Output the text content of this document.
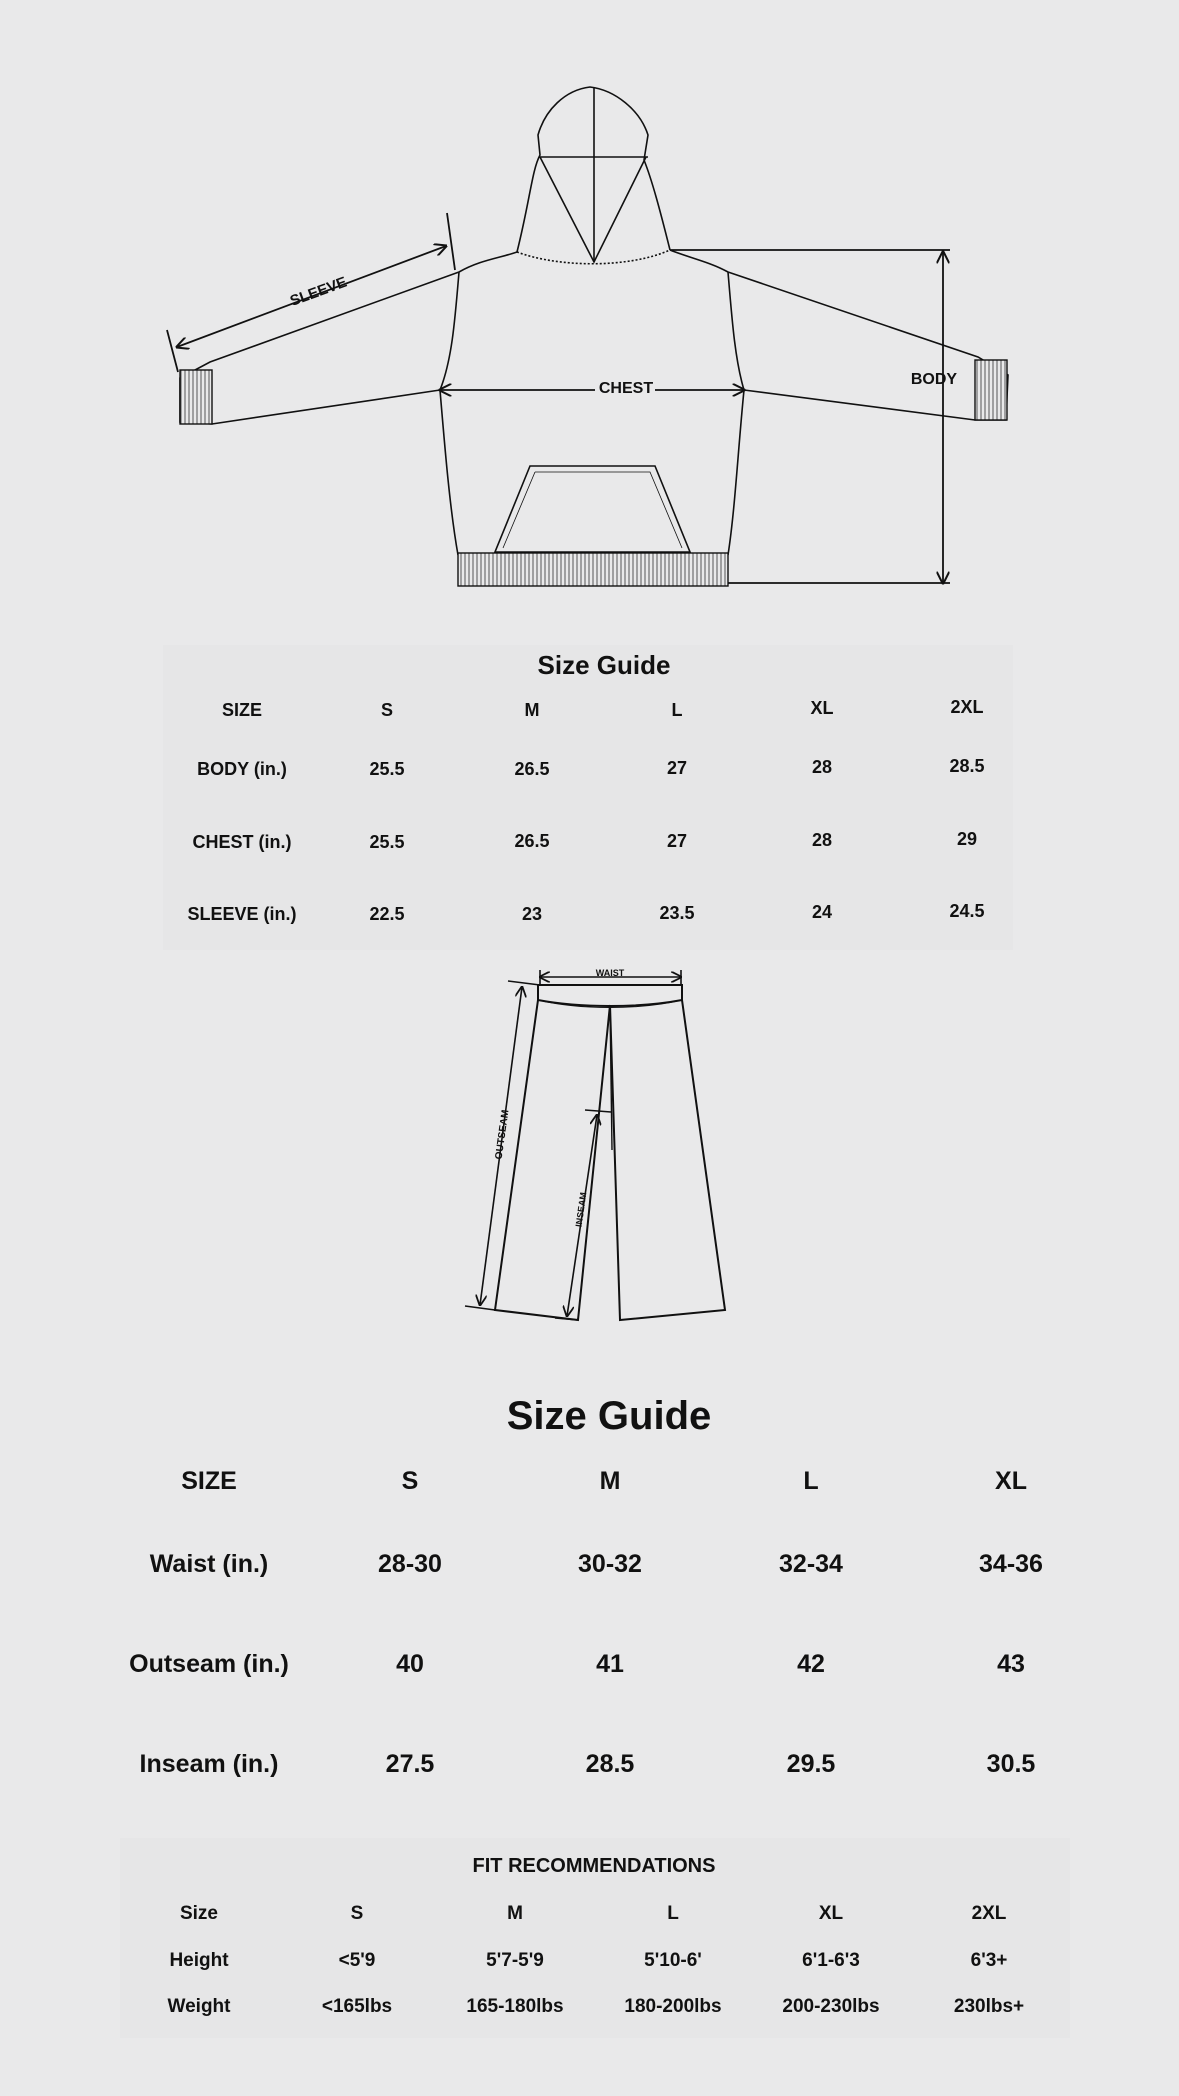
SLEEVE
CHEST
BODY
Size Guide
SIZE	S	M	L	XL	2XL
BODY (in.)	25.5	26.5	27	28	28.5
CHEST (in.)	25.5	26.5	27	28	29
SLEEVE (in.)	22.5	23	23.5	24	24.5
WAIST
OUTSEAM
INSEAM
Size Guide
SIZE	S	M	L	XL
Waist (in.)	28-30	30-32	32-34	34-36
Outseam (in.)	40	41	42	43
Inseam (in.)	27.5	28.5	29.5	30.5
FIT RECOMMENDATIONS
Size	S	M	L	XL	2XL
Height	<5'9	5'7-5'9	5'10-6'	6'1-6'3	6'3+
Weight	<165lbs	165-180lbs	180-200lbs	200-230lbs	230lbs+
